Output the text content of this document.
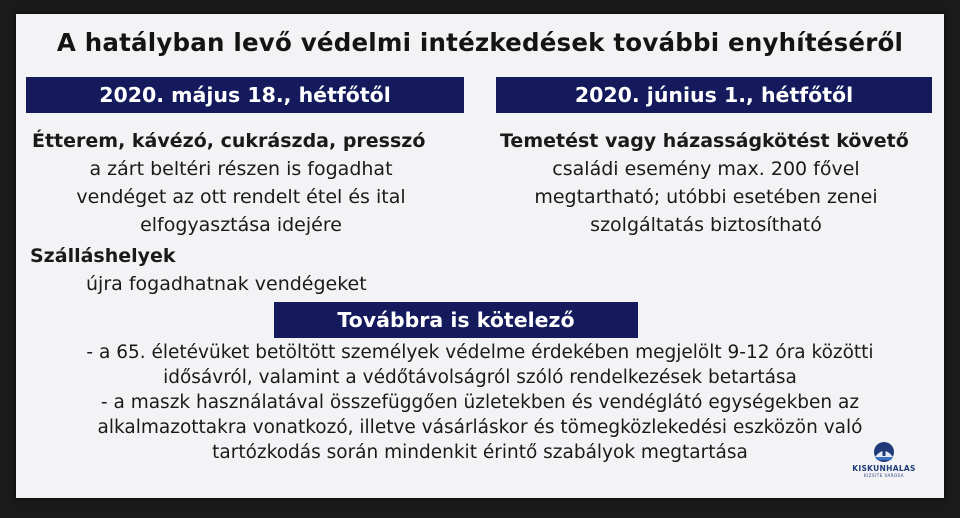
A hatályban levő védelmi intézkedések további enyhítéséről
2020. május 18., hétfőtől	2020. június 1., hétfőtől
Étterem, kávézó, cukrászda, presszó
a zárt beltéri részen is fogadhat
vendéget az ott rendelt étel és ital
elfogyasztása idejére
Szálláshelyek
újra fogadhatnak vendégeket
Temetést vagy házasságkötést követő
családi esemény max. 200 fővel
megtartható; utóbbi esetében zenei
szolgáltatás biztosítható
Továbbra is kötelező
- a 65. életévüket betöltött személyek védelme érdekében megjelölt 9-12 óra közötti
idősávról, valamint a védőtávolságról szóló rendelkezések betartása
- a maszk használatával összefüggően üzletekben és vendéglátó egységekben az
alkalmazottakra vonatkozó, illetve vásárláskor és tömegközlekedési eszközön való
tartózkodás során mindenkit érintő szabályok megtartása
KISKUNHALAS
KIZSITE VAROSA
